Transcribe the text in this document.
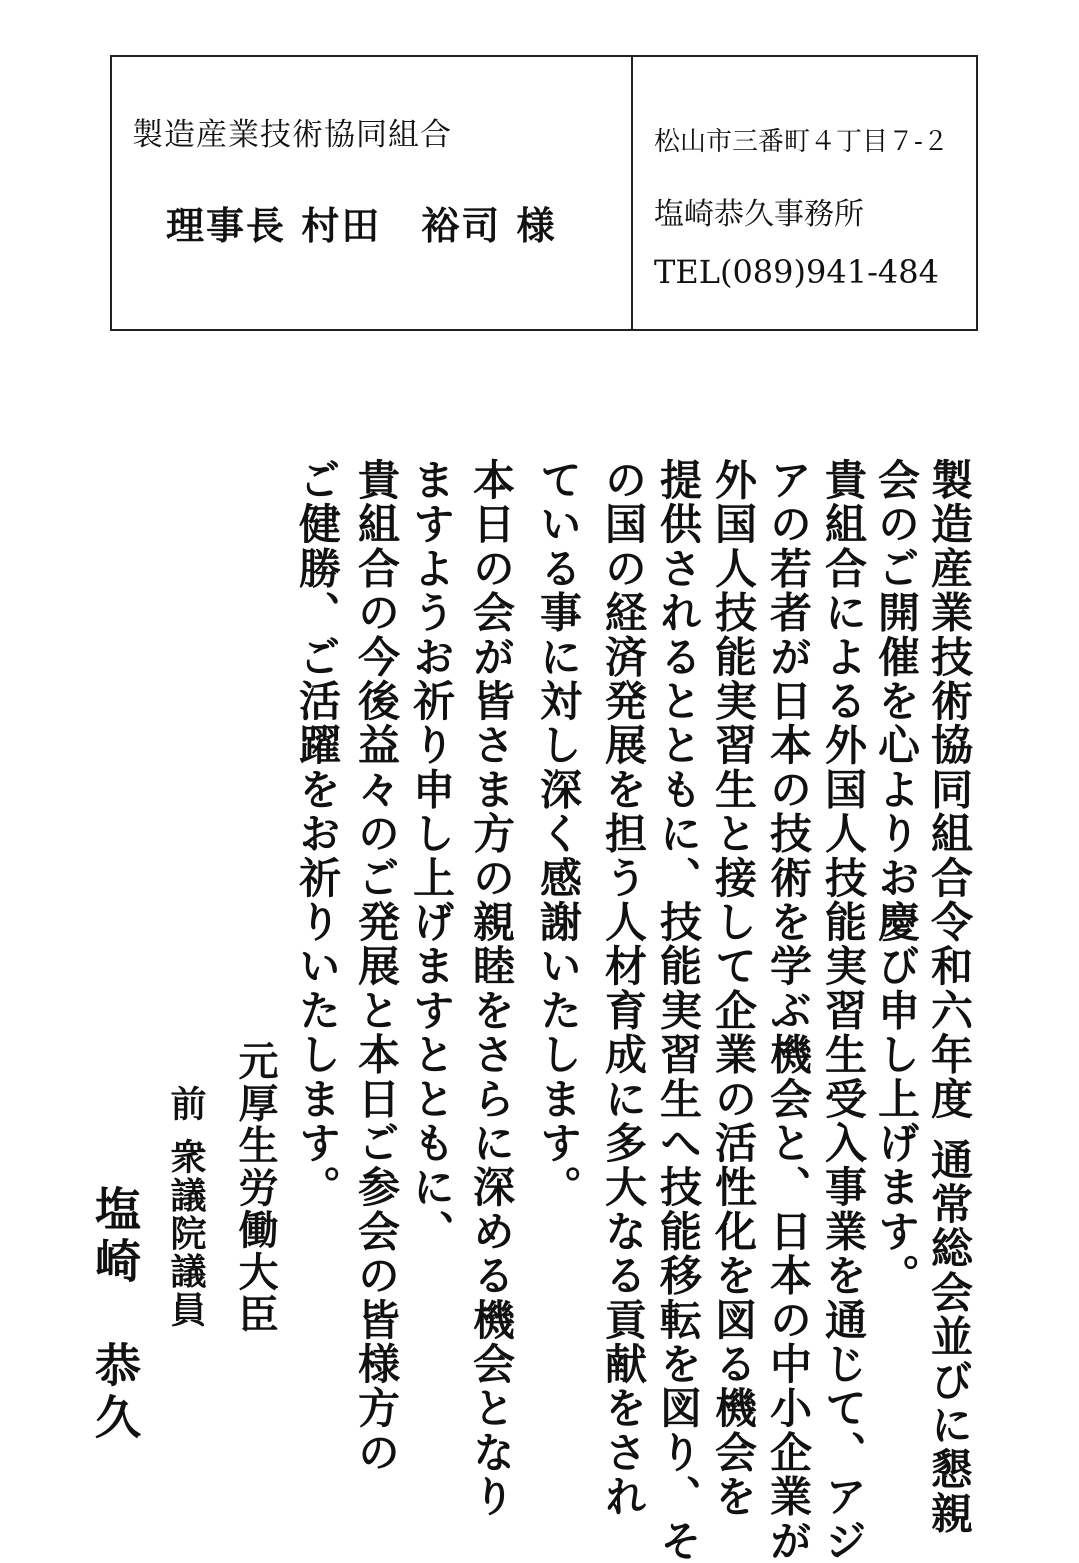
製造産業技術協同組合
理事長 村田　裕司 様
松山市三番町４丁目７-２
塩崎恭久事務所
TEL(089)941-484
製造産業技術協同組合令和六年度 通常総会並びに懇親
会のご開催を心よりお慶び申し上げます。
貴組合による外国人技能実習生受入事業を通じて、アジ
アの若者が日本の技術を学ぶ機会と、日本の中小企業が
外国人技能実習生と接して企業の活性化を図る機会を
提供されるとともに、技能実習生へ技能移転を図り、そ
の国の経済発展を担う人材育成に多大なる貢献をされ
ている事に対し深く感謝いたします。
本日の会が皆さま方の親睦をさらに深める機会となり
ますようお祈り申し上げますとともに、
貴組合の今後益々のご発展と本日ご参会の皆様方の
ご健勝、ご活躍をお祈りいたします。
元厚生労働大臣
前 衆議院議員
塩崎　恭久
